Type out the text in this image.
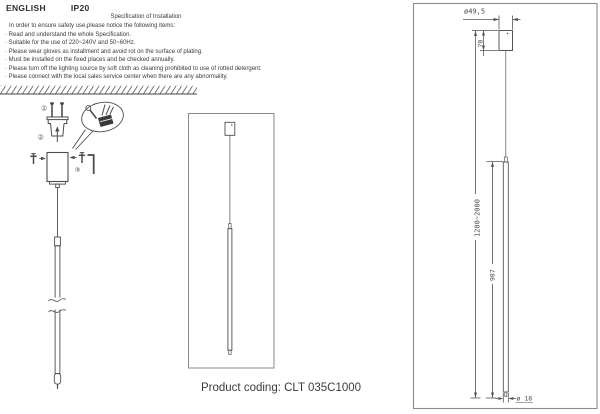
ENGLISH	IP20
Specification of Installation
In order to ensure safety use,please notice the following items:
· Read and understand the whole Specification.
· Suitable for the use of 220~240V and 50~60Hz.
· Please wear gloves as installment and avoid rot on the surface of plating.
· Must be installed on the fixed places and be checked annually.
· Please turn off the lighting source by soft cloth as cleaning prohibited to use of rotted detergent.
· Please connect with the local sales service center when there are any abnormality.
①
②
③
ø49,5
70
1200~2000
987
ø 18
Product coding: CLT 035C1000
